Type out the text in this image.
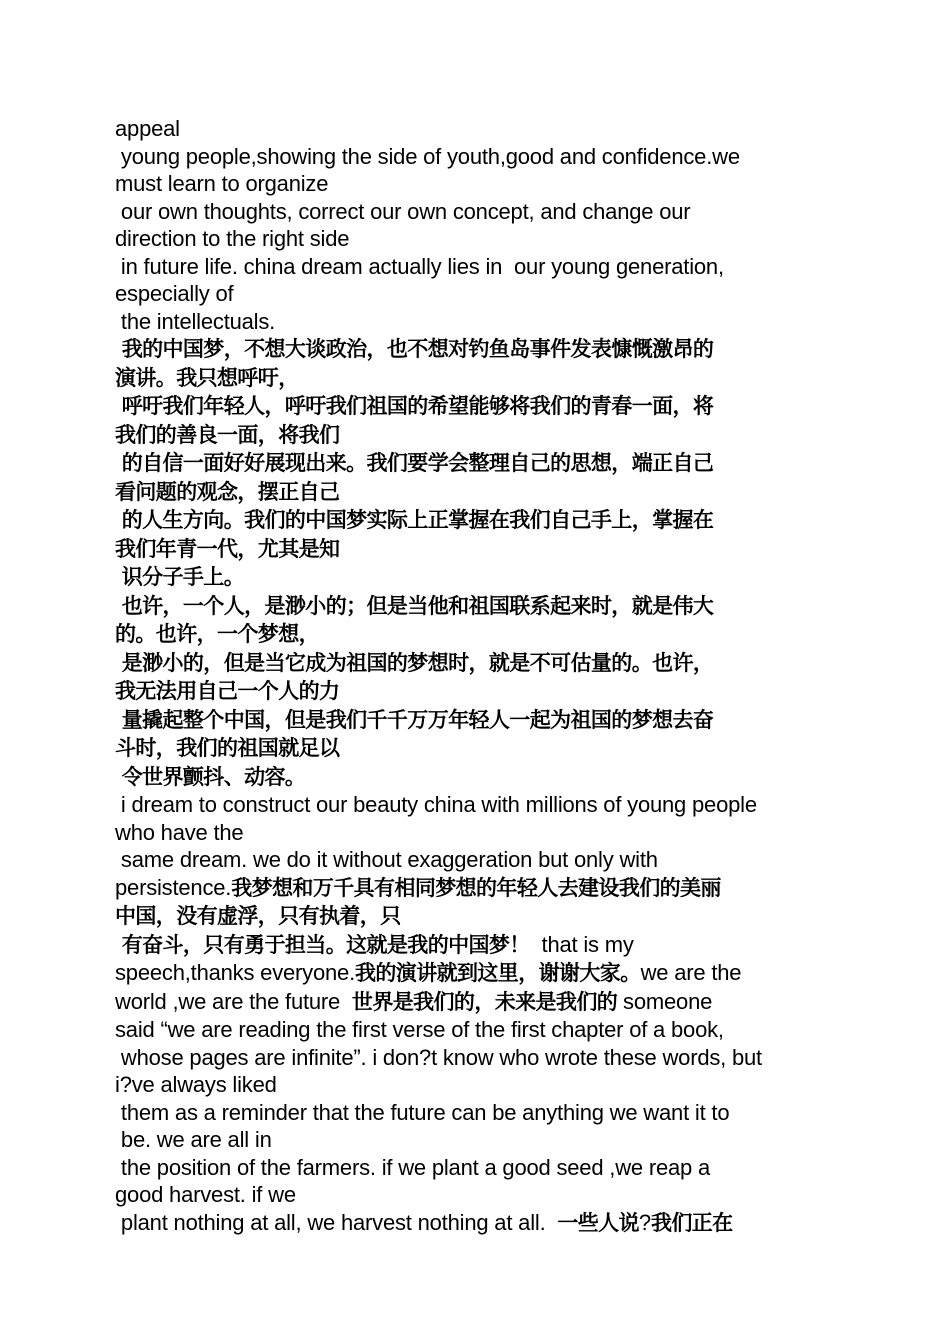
appeal
young people,showing the side of youth,good and confidence.we
must learn to organize
our own thoughts, correct our own concept, and change our
direction to the right side
in future life. china dream actually lies in  our young generation,
especially of
the intellectuals.
我的中国梦，不想大谈政治，也不想对钓鱼岛事件发表慷慨激昂的
演讲。我只想呼吁，
呼吁我们年轻人，呼吁我们祖国的希望能够将我们的青春一面，将
我们的善良一面，将我们
的自信一面好好展现出来。我们要学会整理自己的思想，端正自己
看问题的观念，摆正自己
的人生方向。我们的中国梦实际上正掌握在我们自己手上，掌握在
我们年青一代，尤其是知
识分子手上。
也许，一个人，是渺小的；但是当他和祖国联系起来时，就是伟大
的。也许，一个梦想，
是渺小的，但是当它成为祖国的梦想时，就是不可估量的。也许，
我无法用自己一个人的力
量撬起整个中国，但是我们千千万万年轻人一起为祖国的梦想去奋
斗时，我们的祖国就足以
令世界颤抖、动容。
i dream to construct our beauty china with millions of young people
who have the
same dream. we do it without exaggeration but only with
persistence.我梦想和万千具有相同梦想的年轻人去建设我们的美丽
中国，没有虚浮，只有执着，只
有奋斗，只有勇于担当。这就是我的中国梦！  that is my
speech,thanks everyone.我的演讲就到这里，谢谢大家。we are the
world ,we are the future  世界是我们的，未来是我们的 someone
said “we are reading the first verse of the first chapter of a book,
whose pages are infinite”. i don?t know who wrote these words, but
i?ve always liked
them as a reminder that the future can be anything we want it to
be. we are all in
the position of the farmers. if we plant a good seed ,we reap a
good harvest. if we
plant nothing at all, we harvest nothing at all.  一些人说?我们正在
